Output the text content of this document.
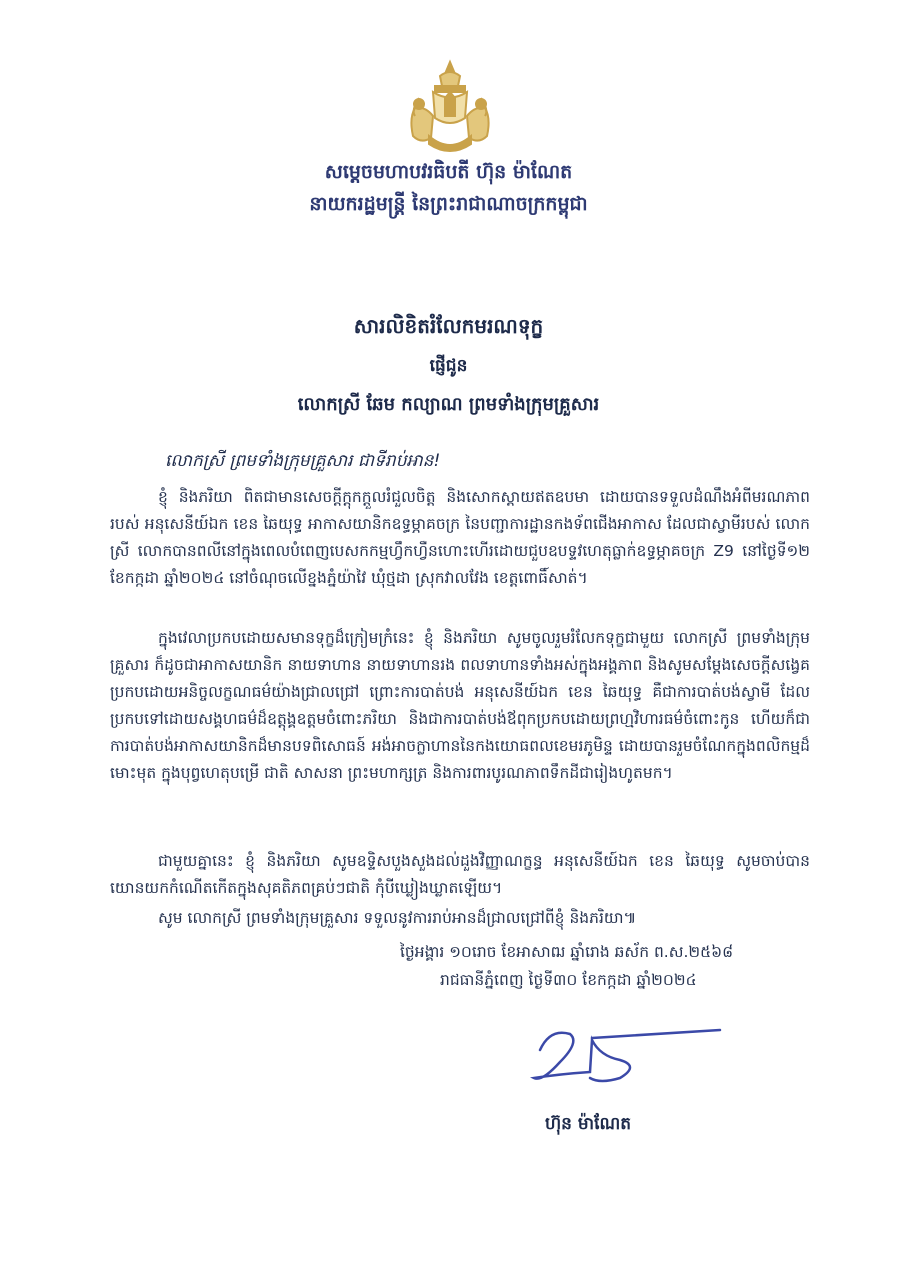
សម្តេចមហាបវរធិបតី ហ៊ុន ម៉ាណែត
នាយករដ្ឋមន្ត្រី នៃព្រះរាជាណាចក្រកម្ពុជា
សារលិខិតរំលែកមរណទុក្ខ
ផ្ញើជូន
លោកស្រី ឆែម កល្យាណ ព្រមទាំងក្រុមគ្រួសារ
លោកស្រី ព្រមទាំងក្រុមគ្រួសារ ជាទីរាប់អាន!

ខ្ញុំ និងភរិយា ពិតជាមានសេចក្តីក្តុកក្តួលរំជួលចិត្ត និងសោកស្តាយឥតឧបមា ដោយបានទទួលដំណឹងអំពីមរណភាពរបស់ អនុសេនីយ៍ឯក ខេន ឆៃយុទ្ធ អាកាសយានិកឧទ្ធម្ភាគចក្រ នៃបញ្ជាការដ្ឋានកងទ័ពជើងអាកាស ដែលជាស្វាមីរបស់ លោកស្រី លោកបានពលីនៅក្នុងពេលបំពេញបេសកកម្មហ្វឹកហ្វឺនហោះហើរដោយជួបឧបទ្ទវហេតុធ្លាក់ឧទ្ធម្ភាគចក្រ Z9 នៅថ្ងៃទី១២ ខែកក្កដា ឆ្នាំ២០២៤ នៅចំណុចលើខ្នងភ្នំយ៉ាវៃ ឃុំថ្មដា ស្រុកវាលវែង ខេត្តពោធិ៍សាត់។

ក្នុងវេលាប្រកបដោយសមានទុក្ខដ៏ក្រៀមក្រំនេះ ខ្ញុំ និងភរិយា សូមចូលរួមរំលែកទុក្ខជាមួយ លោកស្រី ព្រមទាំងក្រុមគ្រួសារ ក៏ដូចជាអាកាសយានិក នាយទាហាន នាយទាហានរង ពលទាហានទាំងអស់ក្នុងអង្គភាព និងសូមសម្តែងសេចក្តីសង្វេគប្រកបដោយអនិច្ចលក្ខណធម៌យ៉ាងជ្រាលជ្រៅ ព្រោះការបាត់បង់ អនុសេនីយ៍ឯក ខេន ឆៃយុទ្ធ គឺជាការបាត់បង់ស្វាមី ដែលប្រកបទៅដោយសង្គហធម៌ដ៏ឧត្តុង្គឧត្តមចំពោះភរិយា និងជាការបាត់បង់ឪពុកប្រកបដោយព្រហ្មវិហារធម៌ចំពោះកូន ហើយក៏ជាការបាត់បង់អាកាសយានិកដ៏មានបទពិសោធន៍ អង់អាចក្លាហាននៃកងយោធពលខេមរភូមិន្ទ ដោយបានរួមចំណែកក្នុងពលិកម្មដ៏មោះមុត ក្នុងបុព្វហេតុបម្រើ ជាតិ សាសនា ព្រះមហាក្សត្រ និងការពារបូរណភាពទឹកដីជារៀងហូតមក។

ជាមួយគ្នានេះ ខ្ញុំ និងភរិយា សូមឧទ្ទិសបួងសួងដល់ដួងវិញ្ញាណក្ខន្ធ អនុសេនីយ៍ឯក ខេន ឆៃយុទ្ធ សូមចាប់បានយោនយកកំណើតកើតក្នុងសុគតិភពគ្រប់ៗជាតិ កុំបីឃ្លៀងឃ្លាតឡើយ។

សូម លោកស្រី ព្រមទាំងក្រុមគ្រួសារ ទទួលនូវការរាប់អានដ៏ជ្រាលជ្រៅពីខ្ញុំ និងភរិយា៕

ថ្ងៃអង្គារ ១០រោច ខែអាសាឍ ឆ្នាំរោង ឆស័ក ព.ស.២៥៦៨
រាជធានីភ្នំពេញ ថ្ងៃទី៣០ ខែកក្កដា ឆ្នាំ២០២៤
ហ៊ុន ម៉ាណែត
